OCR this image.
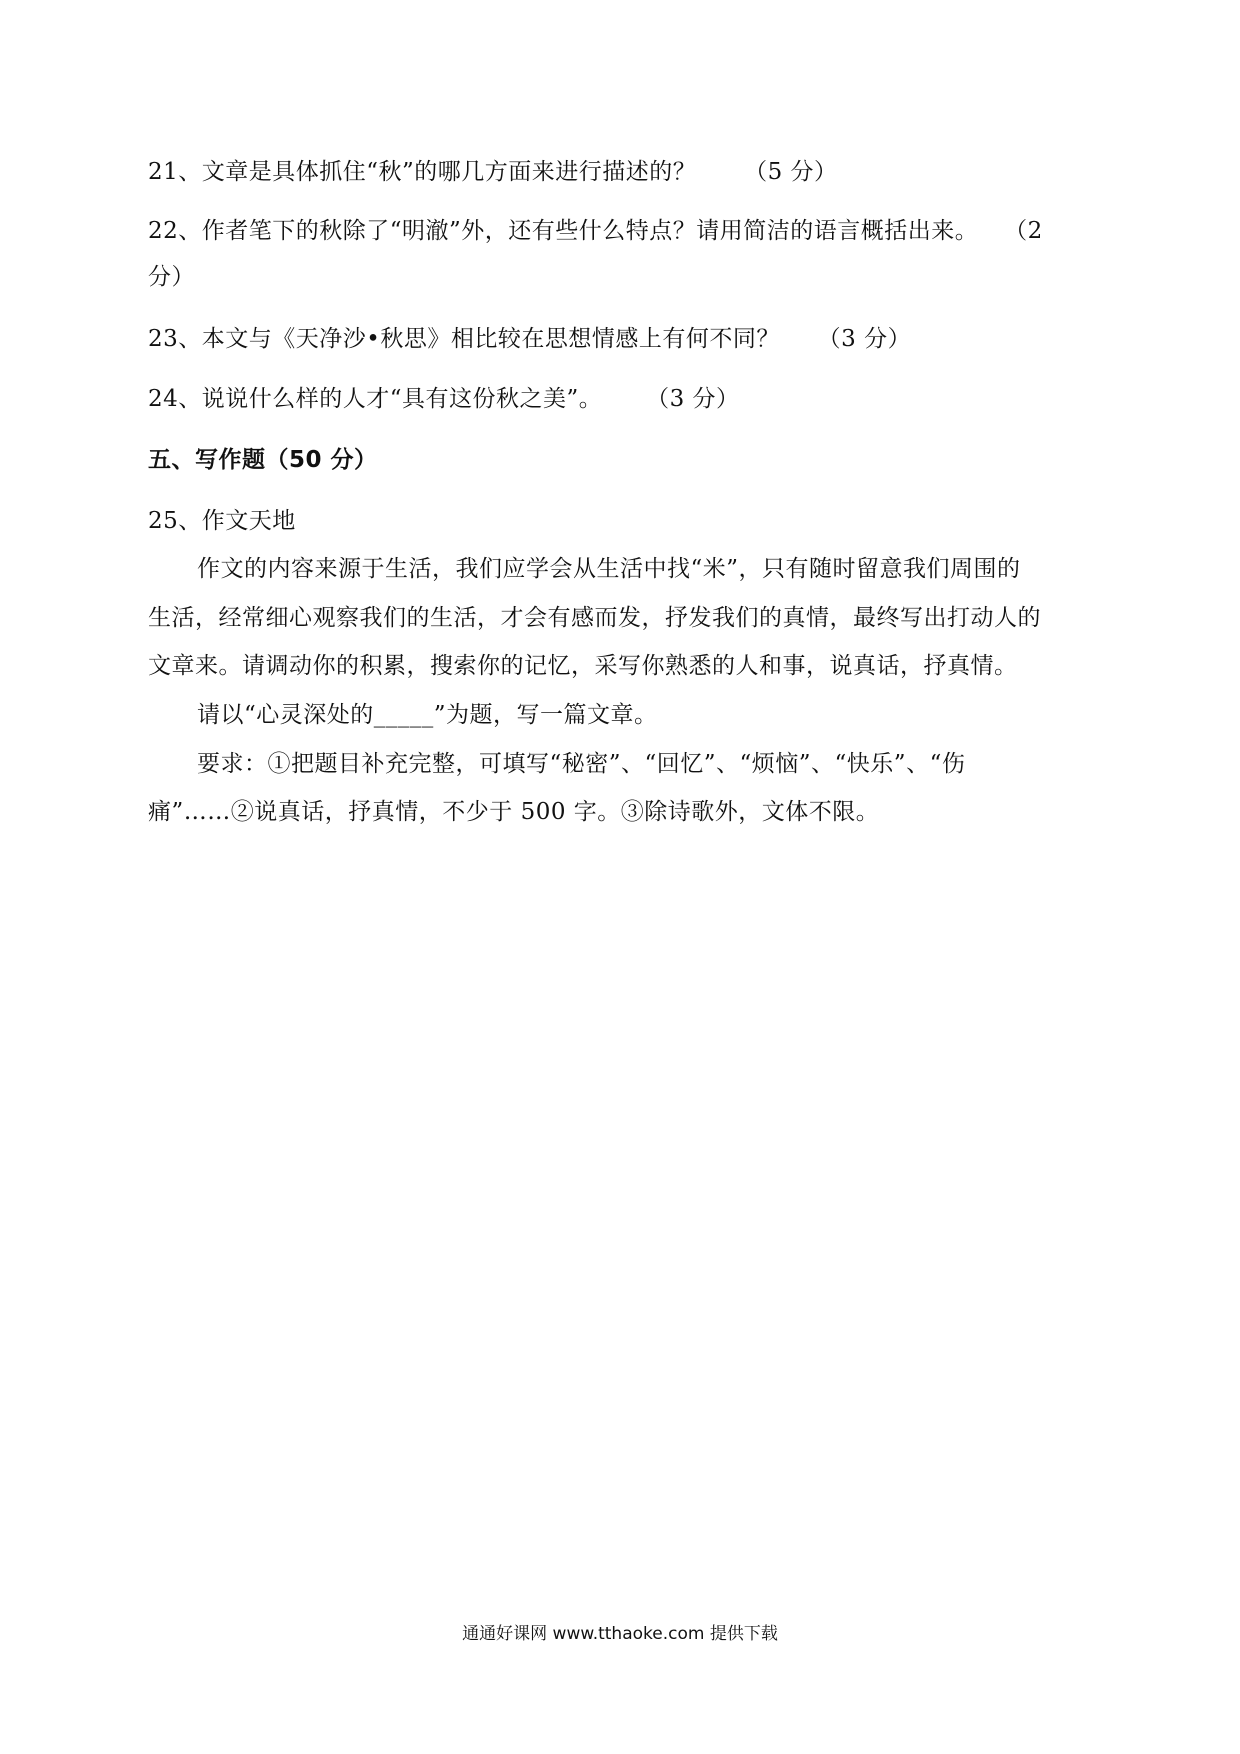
21、文章是具体抓住“秋”的哪几方面来进行描述的？ （5 分）
22、作者笔下的秋除了“明澈”外，还有些什么特点？请用简洁的语言概括出来。 （2
分）
23、本文与《天净沙•秋思》相比较在思想情感上有何不同？ （3 分）
24、说说什么样的人才“具有这份秋之美”。 （3 分）
五、写作题（50 分）
25、作文天地
作文的内容来源于生活，我们应学会从生活中找“米”，只有随时留意我们周围的
生活，经常细心观察我们的生活，才会有感而发，抒发我们的真情，最终写出打动人的
文章来。请调动你的积累，搜索你的记忆，采写你熟悉的人和事，说真话，抒真情。
请以“心灵深处的_____”为题，写一篇文章。
要求：①把题目补充完整，可填写“秘密”、“回忆”、“烦恼”、“快乐”、“伤
痛”……②说真话，抒真情，不少于 500 字。③除诗歌外，文体不限。
通通好课网 www.tthaoke.com 提供下载
